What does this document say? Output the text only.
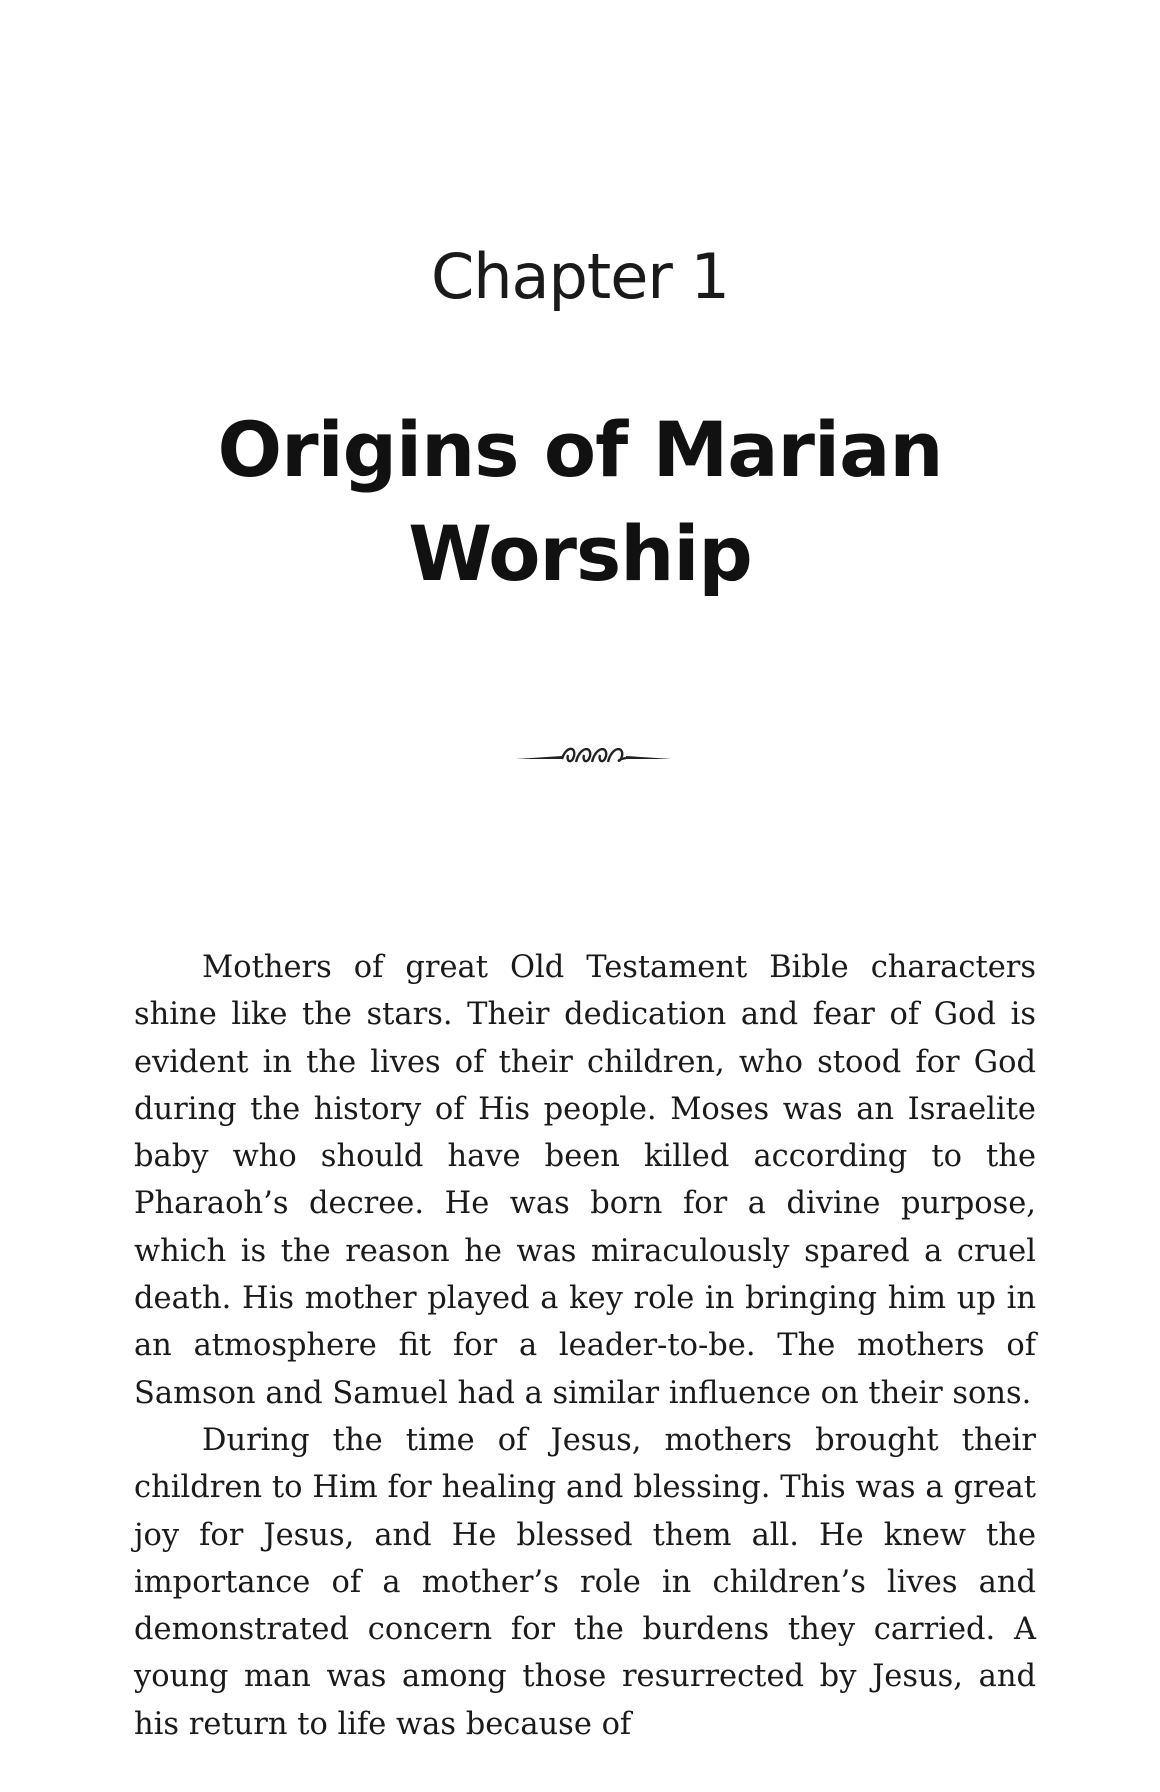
Chapter 1
Origins of Marian
Worship

Mothers of great Old Testament Bible characters shine like the stars. Their dedication and fear of God is evident in the lives of their children, who stood for God during the history of His people. Moses was an Israelite baby who should have been killed according to the Pharaoh’s decree. He was born for a divine purpose, which is the reason he was miraculously spared a cruel death. His mother played a key role in bringing him up in an atmosphere fit for a leader-to-be. The mothers of Samson and Samuel had a similar influence on their sons.

During the time of Jesus, mothers brought their children to Him for healing and blessing. This was a great joy for Jesus, and He blessed them all. He knew the importance of a mother’s role in children’s lives and demonstrated concern for the burdens they carried. A young man was among those resurrected by Jesus, and his return to life was because of
